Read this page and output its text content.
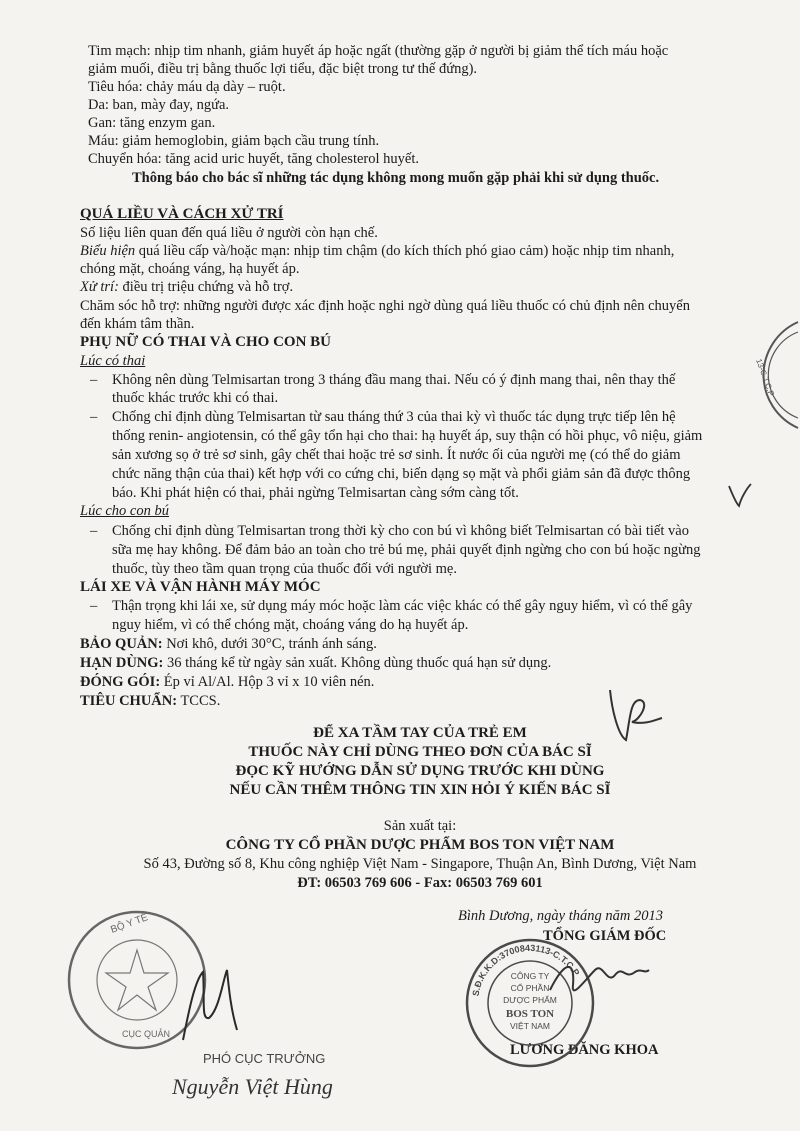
Tim mạch: nhịp tim nhanh, giảm huyết áp hoặc ngất (thường gặp ở người bị giảm thể tích máu hoặc
giảm muối, điều trị bằng thuốc lợi tiểu, đặc biệt trong tư thế đứng).
Tiêu hóa: chảy máu dạ dày – ruột.
Da: ban, mày đay, ngứa.
Gan: tăng enzym gan.
Máu: giảm hemoglobin, giảm bạch cầu trung tính.
Chuyển hóa: tăng acid uric huyết, tăng cholesterol huyết.
Thông báo cho bác sĩ những tác dụng không mong muốn gặp phải khi sử dụng thuốc.
QUÁ LIỀU VÀ CÁCH XỬ TRÍ
Số liệu liên quan đến quá liều ở người còn hạn chế.
Biểu hiện quá liều cấp và/hoặc mạn: nhịp tim chậm (do kích thích phó giao cảm) hoặc nhịp tim nhanh,
chóng mặt, choáng váng, hạ huyết áp.
Xử trí: điều trị triệu chứng và hỗ trợ.
Chăm sóc hỗ trợ: những người được xác định hoặc nghi ngờ dùng quá liều thuốc có chủ định nên chuyển
đến khám tâm thần.
PHỤ NỮ CÓ THAI VÀ CHO CON BÚ
Lúc có thai
– Không nên dùng Telmisartan trong 3 tháng đầu mang thai. Nếu có ý định mang thai, nên thay thế
thuốc khác trước khi có thai.
– Chống chỉ định dùng Telmisartan từ sau tháng thứ 3 của thai kỳ vì thuốc tác dụng trực tiếp lên hệ
thống renin- angiotensin, có thể gây tổn hại cho thai: hạ huyết áp, suy thận có hồi phục, vô niệu, giảm
sản xương sọ ở trẻ sơ sinh, gây chết thai hoặc trẻ sơ sinh. Ít nước ối của người mẹ (có thể do giảm
chức năng thận của thai) kết hợp với co cứng chi, biến dạng sọ mặt và phổi giảm sản đã được thông
báo. Khi phát hiện có thai, phải ngừng Telmisartan càng sớm càng tốt.
Lúc cho con bú
– Chống chỉ định dùng Telmisartan trong thời kỳ cho con bú vì không biết Telmisartan có bài tiết vào
sữa mẹ hay không. Để đảm bảo an toàn cho trẻ bú mẹ, phải quyết định ngừng cho con bú hoặc ngừng
thuốc, tùy theo tầm quan trọng của thuốc đối với người mẹ.
LÁI XE VÀ VẬN HÀNH MÁY MÓC
– Thận trọng khi lái xe, sử dụng máy móc hoặc làm các việc khác có thể gây nguy hiểm, vì có thể gây
nguy hiểm, vì có thể chóng mặt, choáng váng do hạ huyết áp.
BẢO QUẢN: Nơi khô, dưới 30°C, tránh ánh sáng.
HẠN DÙNG: 36 tháng kể từ ngày sản xuất. Không dùng thuốc quá hạn sử dụng.
ĐÓNG GÓI: Ép vỉ Al/Al. Hộp 3 vỉ x 10 viên nén.
TIÊU CHUẨN: TCCS.
ĐỂ XA TẦM TAY CỦA TRẺ EM
THUỐC NÀY CHỈ DÙNG THEO ĐƠN CỦA BÁC SĨ
ĐỌC KỸ HƯỚNG DẪN SỬ DỤNG TRƯỚC KHI DÙNG
NẾU CẦN THÊM THÔNG TIN XIN HỎI Ý KIẾN BÁC SĨ
Sản xuất tại:
CÔNG TY CỔ PHẦN DƯỢC PHẨM BOS TON VIỆT NAM
Số 43, Đường số 8, Khu công nghiệp Việt Nam - Singapore, Thuận An, Bình Dương, Việt Nam
ĐT: 06503 769 606 - Fax: 06503 769 601
Bình Dương, ngày tháng năm 2013
TỔNG GIÁM ĐỐC
LƯƠNG ĐĂNG KHOA
S.Đ.K.K.D:3700843113-C.T.C.P
CÔNG TY
CỔ PHẦN
DƯỢC PHẨM
BOS TON
VIỆT NAM
13-C.T.C.P
BỘ Y TẾ
CỤC QUẢN
PHÓ CỤC TRƯỞNG
Nguyễn Việt Hùng
